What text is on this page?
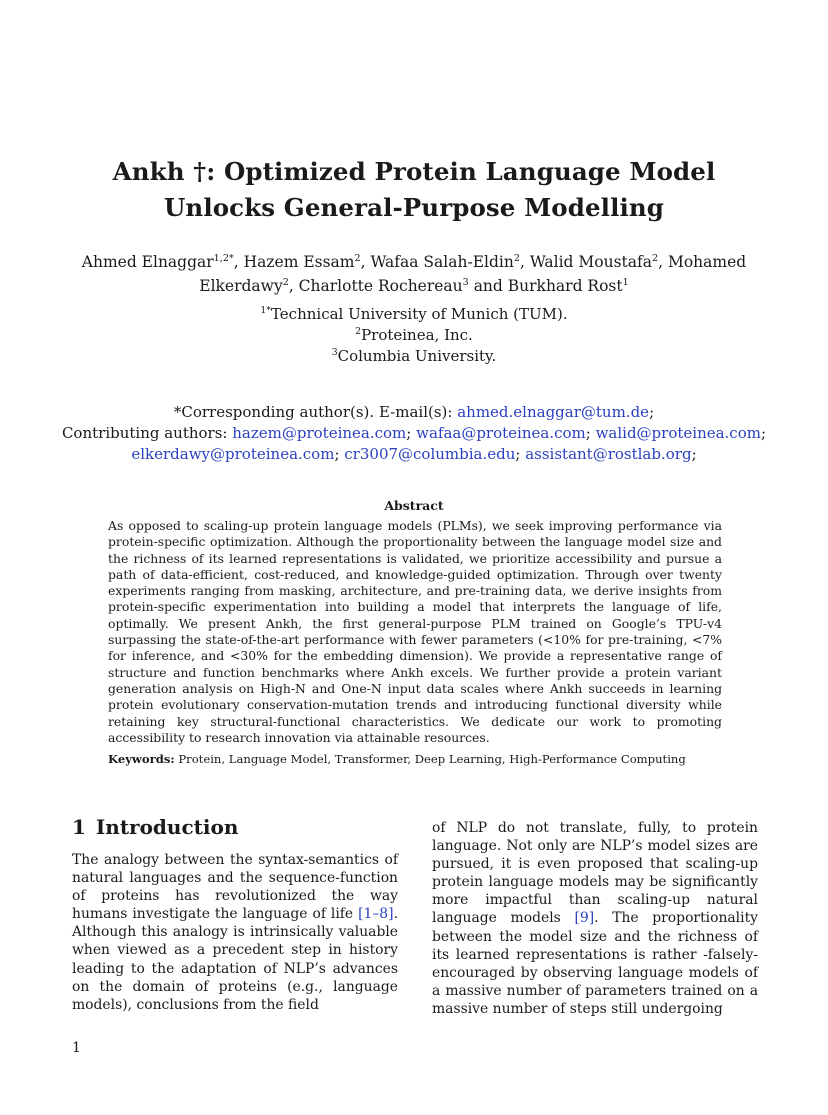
Ankh †: Optimized Protein Language Model
Unlocks General-Purpose Modelling
Ahmed Elnaggar$^{1,2*}$, Hazem Essam$^2$, Wafaa Salah-Eldin$^2$, Walid Moustafa$^2$, Mohamed Elkerdawy$^2$, Charlotte Rochereau$^3$ and Burkhard Rost$^1$
$^{1*}$Technical University of Munich (TUM).
$^2$Proteinea, Inc.
$^3$Columbia University.
*Corresponding author(s). E-mail(s): ahmed.elnaggar@tum.de;
Contributing authors: hazem@proteinea.com; wafaa@proteinea.com; walid@proteinea.com;
elkerdawy@proteinea.com; cr3007@columbia.edu; assistant@rostlab.org;
Abstract
As opposed to scaling-up protein language models (PLMs), we seek improving performance via protein-specific optimization. Although the proportionality between the language model size and the richness of its learned representations is validated, we prioritize accessibility and pursue a path of data-efficient, cost-reduced, and knowledge-guided optimization. Through over twenty experiments ranging from masking, architecture, and pre-training data, we derive insights from protein-specific experimentation into building a model that interprets the language of life, optimally. We present Ankh, the first general-purpose PLM trained on Google’s TPU-v4 surpassing the state-of-the-art performance with fewer parameters (<10% for pre-training, <7% for inference, and <30% for the embedding dimension). We provide a representative range of structure and function benchmarks where Ankh excels. We further provide a protein variant generation analysis on High-N and One-N input data scales where Ankh succeeds in learning protein evolutionary conservation-mutation trends and introducing functional diversity while retaining key structural-functional characteristics. We dedicate our work to promoting accessibility to research innovation via attainable resources.
Keywords: Protein, Language Model, Transformer, Deep Learning, High-Performance Computing
1 Introduction
The analogy between the syntax-semantics of natural languages and the sequence-function of proteins has revolutionized the way humans investigate the language of life [1–8]. Although this analogy is intrinsically valuable when viewed as a precedent step in history leading to the adaptation of NLP’s advances on the domain of proteins (e.g., language models), conclusions from the field
of NLP do not translate, fully, to protein language. Not only are NLP’s model sizes are pursued, it is even proposed that scaling-up protein language models may be significantly more impactful than scaling-up natural language models [9]. The proportionality between the model size and the richness of its learned representations is rather -falsely- encouraged by observing language models of a massive number of parameters trained on a massive number of steps still undergoing
1
